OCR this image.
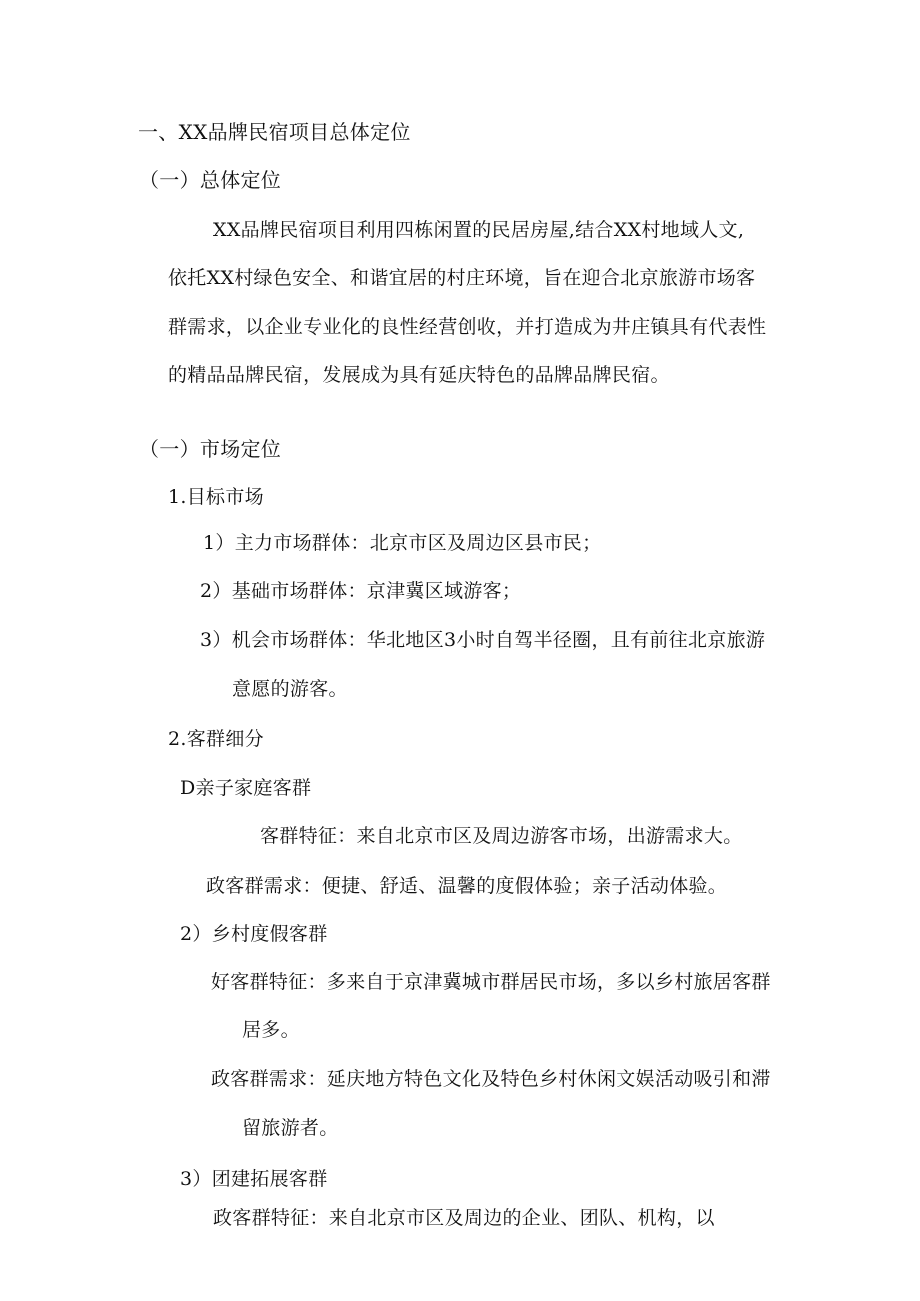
一、XX品牌民宿项目总体定位
（一）总体定位
XX品牌民宿项目利用四栋闲置的民居房屋,结合XX村地域人文,
依托XX村绿色安全、和谐宜居的村庄环境，旨在迎合北京旅游市场客
群需求，以企业专业化的良性经营创收，并打造成为井庄镇具有代表性
的精品品牌民宿，发展成为具有延庆特色的品牌品牌民宿。
（一）市场定位
1.目标市场
1）主力市场群体：北京市区及周边区县市民；
2）基础市场群体：京津冀区域游客；
3）机会市场群体：华北地区3小时自驾半径圈，且有前往北京旅游
意愿的游客。
2.客群细分
D亲子家庭客群
客群特征：来自北京市区及周边游客市场，出游需求大。
政客群需求：便捷、舒适、温馨的度假体验；亲子活动体验。
2）乡村度假客群
好客群特征：多来自于京津冀城市群居民市场，多以乡村旅居客群
居多。
政客群需求：延庆地方特色文化及特色乡村休闲文娱活动吸引和滞
留旅游者。
3）团建拓展客群
政客群特征：来自北京市区及周边的企业、团队、机构，以
